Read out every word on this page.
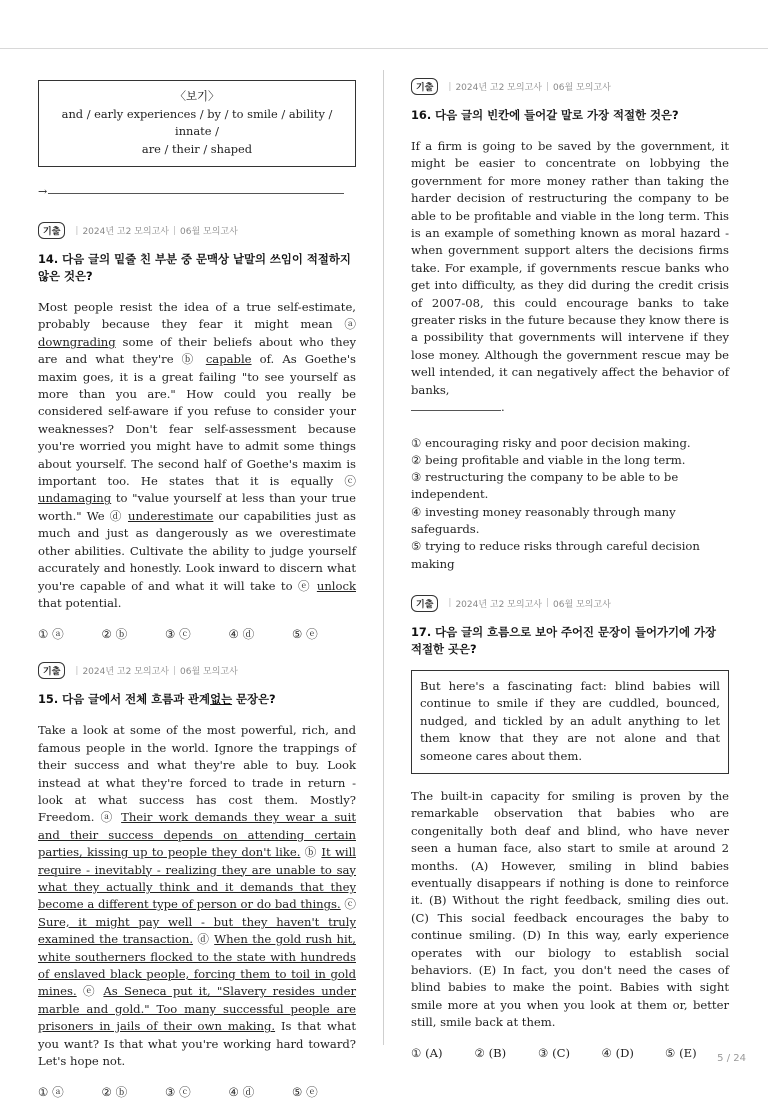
〈보기〉
and / early experiences / by / to smile / ability / innate /
are / their / shaped
→
기출	| 2024년 고2 모의고사 | 06월 모의고사
14. 다음 글의 밑줄 친 부분 중 문맥상 낱말의 쓰임이 적절하지 않은 것은?
Most people resist the idea of a true self-estimate, probably because they fear it might mean ⓐ downgrading some of their beliefs about who they are and what they're ⓑ capable of. As Goethe's maxim goes, it is a great failing "to see yourself as more than you are." How could you really be considered self-aware if you refuse to consider your weaknesses? Don't fear self-assessment because you're worried you might have to admit some things about yourself. The second half of Goethe's maxim is important too. He states that it is equally ⓒ undamaging to "value yourself at less than your true worth." We ⓓ underestimate our capabilities just as much and just as dangerously as we overestimate other abilities. Cultivate the ability to judge yourself accurately and honestly. Look inward to discern what you're capable of and what it will take to ⓔ unlock that potential.
① ⓐ	② ⓑ	③ ⓒ	④ ⓓ	⑤ ⓔ
기출	| 2024년 고2 모의고사 | 06월 모의고사
15. 다음 글에서 전체 흐름과 관계없는 문장은?
Take a look at some of the most powerful, rich, and famous people in the world. Ignore the trappings of their success and what they're able to buy. Look instead at what they're forced to trade in return - look at what success has cost them. Mostly? Freedom. ⓐ Their work demands they wear a suit and their success depends on attending certain parties, kissing up to people they don't like. ⓑ It will require - inevitably - realizing they are unable to say what they actually think and it demands that they become a different type of person or do bad things. ⓒ Sure, it might pay well - but they haven't truly examined the transaction. ⓓ When the gold rush hit, white southerners flocked to the state with hundreds of enslaved black people, forcing them to toil in gold mines. ⓔ As Seneca put it, "Slavery resides under marble and gold." Too many successful people are prisoners in jails of their own making. Is that what you want? Is that what you're working hard toward? Let's hope not.
① ⓐ	② ⓑ	③ ⓒ	④ ⓓ	⑤ ⓔ
기출	| 2024년 고2 모의고사 | 06월 모의고사
16. 다음 글의 빈칸에 들어갈 말로 가장 적절한 것은?
If a firm is going to be saved by the government, it might be easier to concentrate on lobbying the government for more money rather than taking the harder decision of restructuring the company to be able to be profitable and viable in the long term. This is an example of something known as moral hazard - when government support alters the decisions firms take. For example, if governments rescue banks who get into difficulty, as they did during the credit crisis of 2007-08, this could encourage banks to take greater risks in the future because they know there is a possibility that governments will intervene if they lose money. Although the government rescue may be well intended, it can negatively affect the behavior of banks,
.
① encouraging risky and poor decision making.
② being profitable and viable in the long term.
③ restructuring the company to be able to be independent.
④ investing money reasonably through many safeguards.
⑤ trying to reduce risks through careful decision making
기출	| 2024년 고2 모의고사 | 06월 모의고사
17. 다음 글의 흐름으로 보아 주어진 문장이 들어가기에 가장 적절한 곳은?
But here's a fascinating fact: blind babies will continue to smile if they are cuddled, bounced, nudged, and tickled by an adult anything to let them know that they are not alone and that someone cares about them.
The built-in capacity for smiling is proven by the remarkable observation that babies who are congenitally both deaf and blind, who have never seen a human face, also start to smile at around 2 months. (A) However, smiling in blind babies eventually disappears if nothing is done to reinforce it. (B) Without the right feedback, smiling dies out. (C) This social feedback encourages the baby to continue smiling. (D) In this way, early experience operates with our biology to establish social behaviors. (E) In fact, you don't need the cases of blind babies to make the point. Babies with sight smile more at you when you look at them or, better still, smile back at them.
① (A)	② (B)	③ (C)	④ (D)	⑤ (E)	5 / 24
